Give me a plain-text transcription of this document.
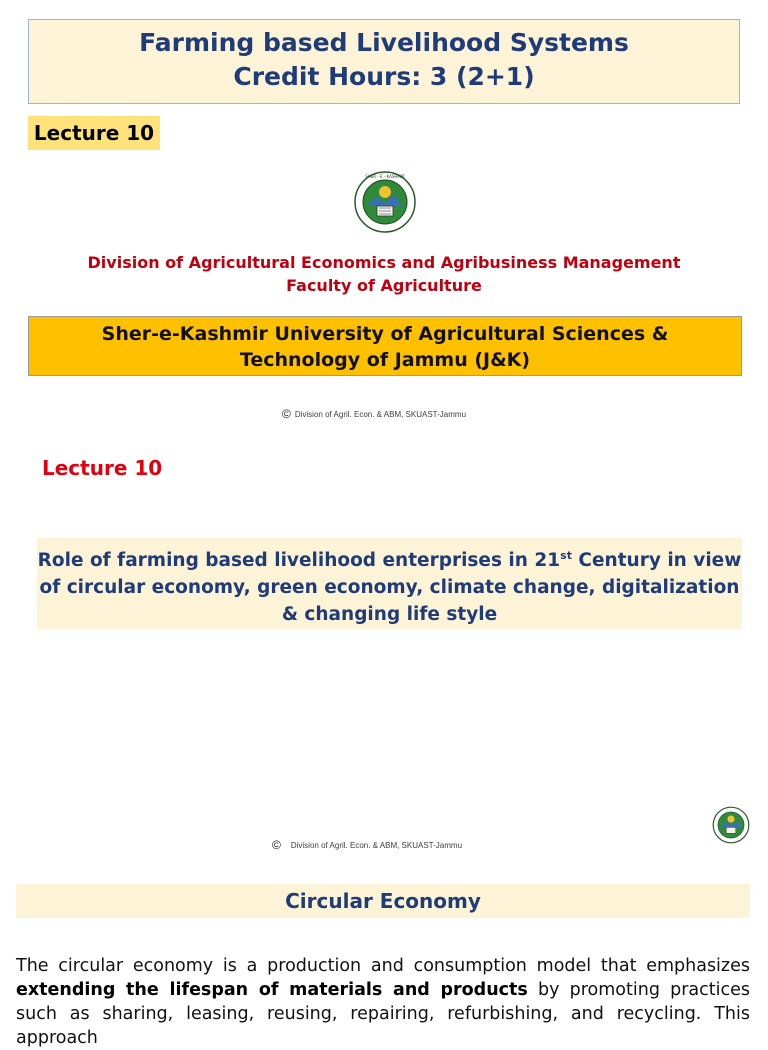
Farming based Livelihood Systems
Credit Hours: 3 (2+1)
Lecture 10
SHER - E - KASHMIR
Division of Agricultural Economics and Agribusiness Management
Faculty of Agriculture
Sher-e-Kashmir University of Agricultural Sciences &
Technology of Jammu (J&K)
© Division of Agril. Econ. & ABM, SKUAST-Jammu
Lecture 10
Role of farming based livelihood enterprises in 21st Century in view of circular economy, green economy, climate change, digitalization & changing life style
© Division of Agril. Econ. & ABM, SKUAST-Jammu
Circular Economy
The circular economy is a production and consumption model that emphasizes extending the lifespan of materials and products by promoting practices such as sharing, leasing, reusing, repairing, refurbishing, and recycling. This approach
